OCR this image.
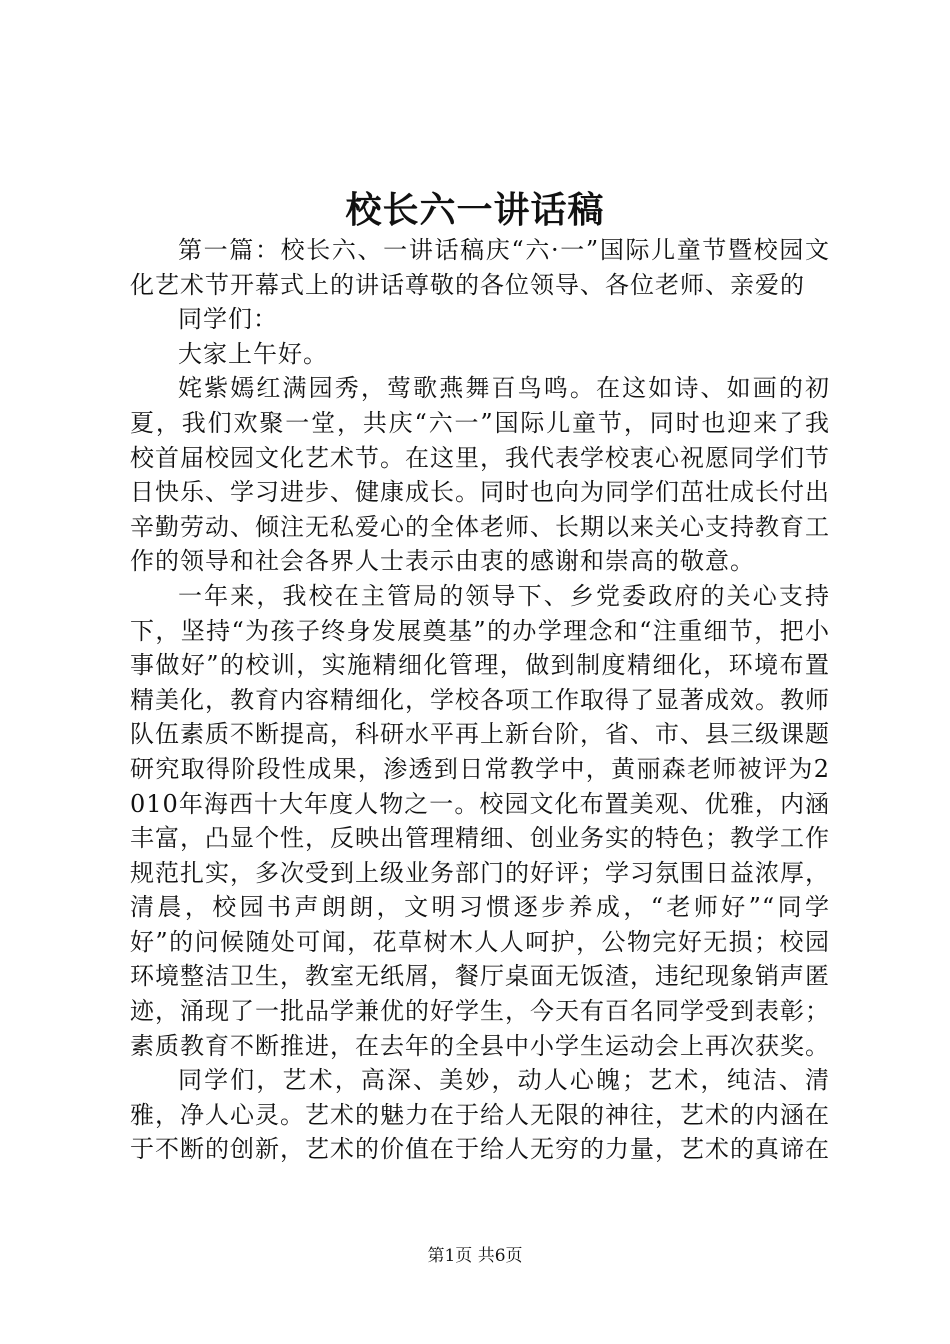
校长六一讲话稿

第一篇：校长六、一讲话稿庆“六·一”国际儿童节暨校园文化艺术节开幕式上的讲话尊敬的各位领导、各位老师、亲爱的

同学们：

大家上午好。

姹紫嫣红满园秀，莺歌燕舞百鸟鸣。在这如诗、如画的初夏，我们欢聚一堂，共庆“六一”国际儿童节，同时也迎来了我校首届校园文化艺术节。在这里，我代表学校衷心祝愿同学们节日快乐、学习进步、健康成长。同时也向为同学们茁壮成长付出辛勤劳动、倾注无私爱心的全体老师、长期以来关心支持教育工作的领导和社会各界人士表示由衷的感谢和崇高的敬意。

一年来，我校在主管局的领导下、乡党委政府的关心支持下，坚持“为孩子终身发展奠基”的办学理念和“注重细节，把小事做好”的校训，实施精细化管理，做到制度精细化，环境布置精美化，教育内容精细化，学校各项工作取得了显著成效。教师队伍素质不断提高，科研水平再上新台阶，省、市、县三级课题研究取得阶段性成果，渗透到日常教学中，黄丽森老师被评为2010年海西十大年度人物之一。校园文化布置美观、优雅，内涵丰富，凸显个性，反映出管理精细、创业务实的特色；教学工作规范扎实，多次受到上级业务部门的好评；学习氛围日益浓厚，清晨，校园书声朗朗，文明习惯逐步养成，“老师好”“同学好”的问候随处可闻，花草树木人人呵护，公物完好无损；校园环境整洁卫生，教室无纸屑，餐厅桌面无饭渣，违纪现象销声匿迹，涌现了一批品学兼优的好学生，今天有百名同学受到表彰；素质教育不断推进，在去年的全县中小学生运动会上再次获奖。

同学们，艺术，高深、美妙，动人心魄；艺术，纯洁、清雅，净人心灵。艺术的魅力在于给人无限的神往，艺术的内涵在于不断的创新，艺术的价值在于给人无穷的力量，艺术的真谛在

第1页 共6页
